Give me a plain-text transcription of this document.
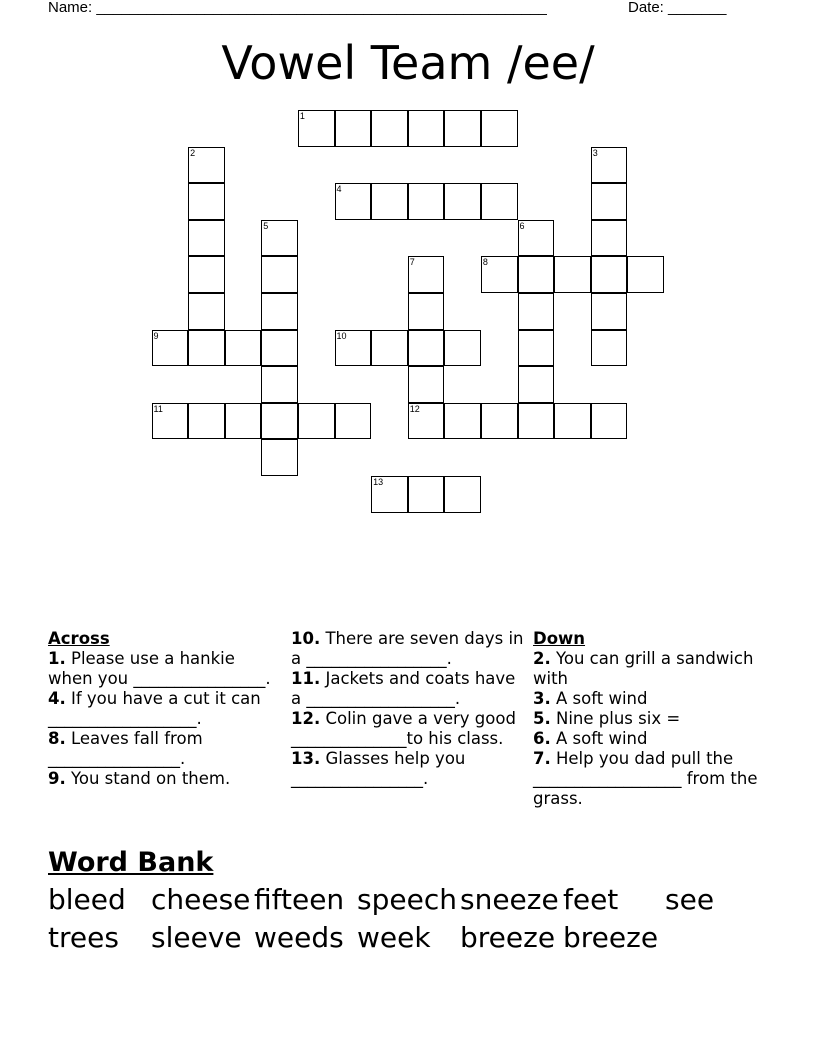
Name: ______________________________________________________	Date: _______
Vowel Team /ee/
1
2	3
4
5	6
7	8
9	10
11	12
13
Across
1. Please use a hankie when you ________________.
4. If you have a cut it can __________________.
8. Leaves fall from ________________.
9. You stand on them.
10. There are seven days in a _________________.
11. Jackets and coats have a __________________.
12. Colin gave a very good ______________to his class.
13. Glasses help you ________________.
Down
2. You can grill a sandwich with
3. A soft wind
5. Nine plus six =
6. A soft wind
7. Help you dad pull the __________________ from the grass.
Word Bank
bleed cheese fifteen speech sneeze feet see
trees sleeve weeds week breeze breeze
